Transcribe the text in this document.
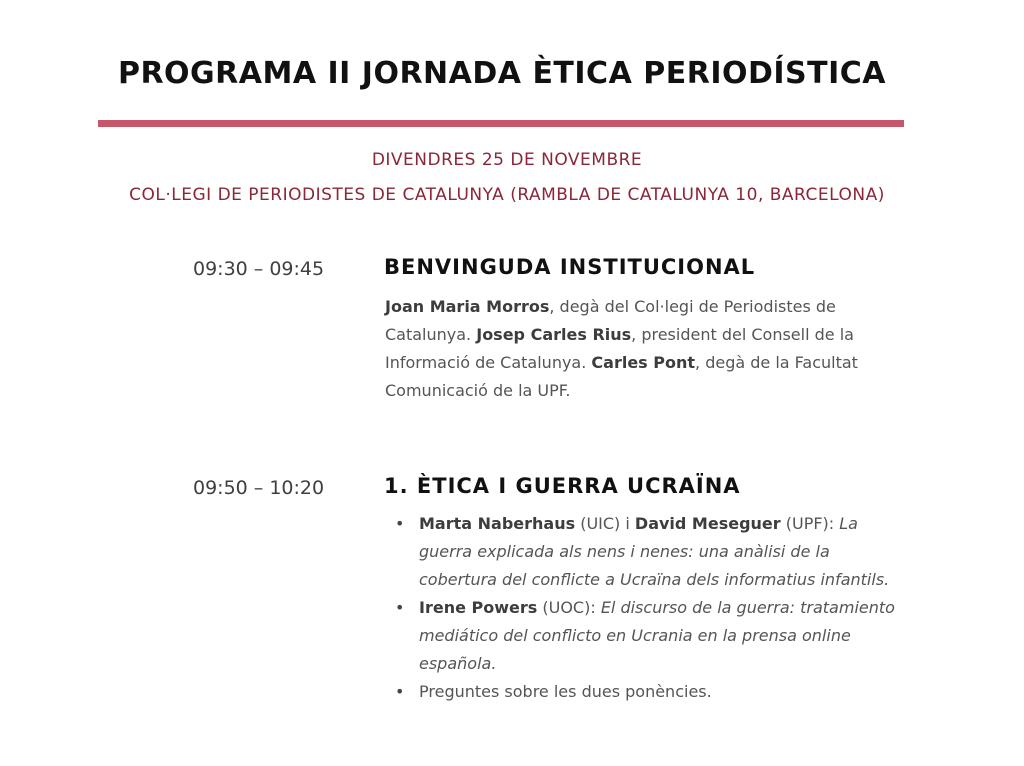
PROGRAMA II JORNADA ÈTICA PERIODÍSTICA
DIVENDRES 25 DE NOVEMBRE
COL·LEGI DE PERIODISTES DE CATALUNYA (RAMBLA DE CATALUNYA 10, BARCELONA)
09:30 – 09:45	BENVINGUDA INSTITUCIONAL
Joan Maria Morros, degà del Col·legi de Periodistes de Catalunya. Josep Carles Rius, president del Consell de la Informació de Catalunya. Carles Pont, degà de la Facultat Comunicació de la UPF.
09:50 – 10:20	1. ÈTICA I GUERRA UCRAÏNA
• Marta Naberhaus (UIC) i David Meseguer (UPF): La guerra explicada als nens i nenes: una anàlisi de la cobertura del conflicte a Ucraïna dels informatius infantils.
• Irene Powers (UOC): El discurso de la guerra: tratamiento mediático del conflicto en Ucrania en la prensa online española.
• Preguntes sobre les dues ponències.
